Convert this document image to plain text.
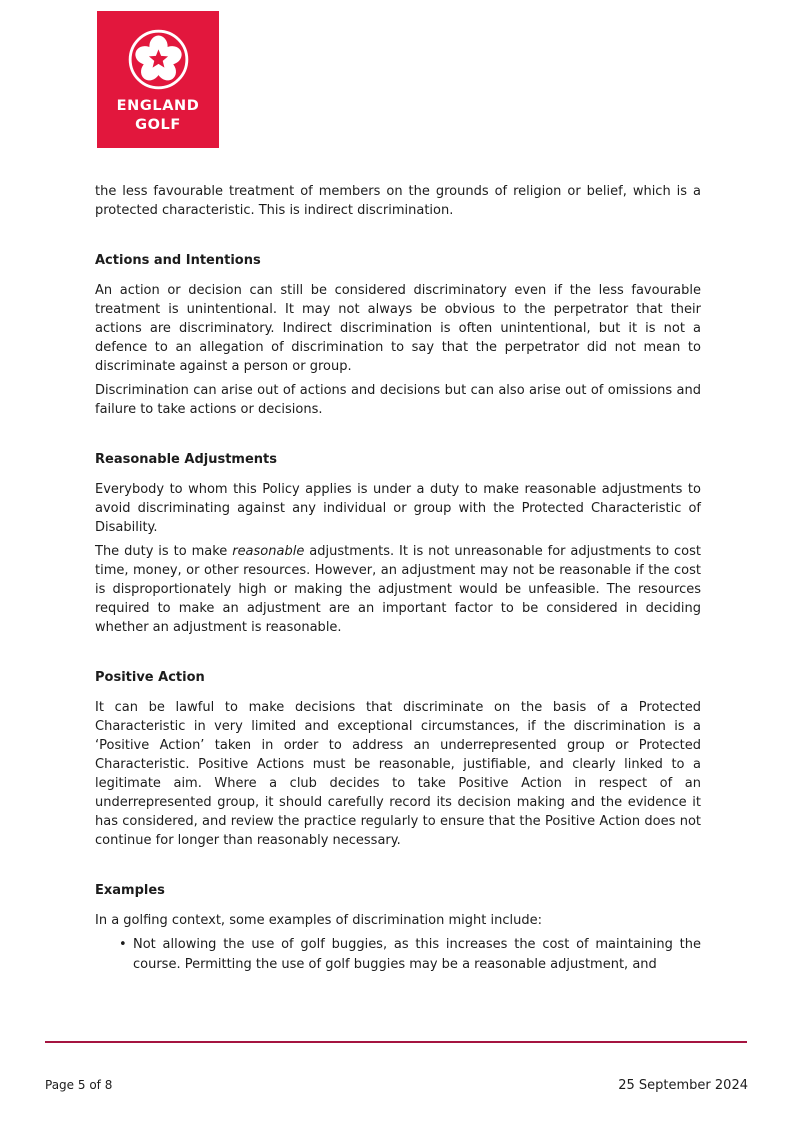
ENGLAND
GOLF

the less favourable treatment of members on the grounds of religion or belief, which is a protected characteristic. This is indirect discrimination.

Actions and Intentions

An action or decision can still be considered discriminatory even if the less favourable treatment is unintentional. It may not always be obvious to the perpetrator that their actions are discriminatory. Indirect discrimination is often unintentional, but it is not a defence to an allegation of discrimination to say that the perpetrator did not mean to discriminate against a person or group.

Discrimination can arise out of actions and decisions but can also arise out of omissions and failure to take actions or decisions.

Reasonable Adjustments

Everybody to whom this Policy applies is under a duty to make reasonable adjustments to avoid discriminating against any individual or group with the Protected Characteristic of Disability.

The duty is to make reasonable adjustments. It is not unreasonable for adjustments to cost time, money, or other resources. However, an adjustment may not be reasonable if the cost is disproportionately high or making the adjustment would be unfeasible. The resources required to make an adjustment are an important factor to be considered in deciding whether an adjustment is reasonable.

Positive Action

It can be lawful to make decisions that discriminate on the basis of a Protected Characteristic in very limited and exceptional circumstances, if the discrimination is a ‘Positive Action’ taken in order to address an underrepresented group or Protected Characteristic. Positive Actions must be reasonable, justifiable, and clearly linked to a legitimate aim. Where a club decides to take Positive Action in respect of an underrepresented group, it should carefully record its decision making and the evidence it has considered, and review the practice regularly to ensure that the Positive Action does not continue for longer than reasonably necessary.

Examples

In a golfing context, some examples of discrimination might include:

• Not allowing the use of golf buggies, as this increases the cost of maintaining the course. Permitting the use of golf buggies may be a reasonable adjustment, and
Page 5 of 8	25 September 2024
